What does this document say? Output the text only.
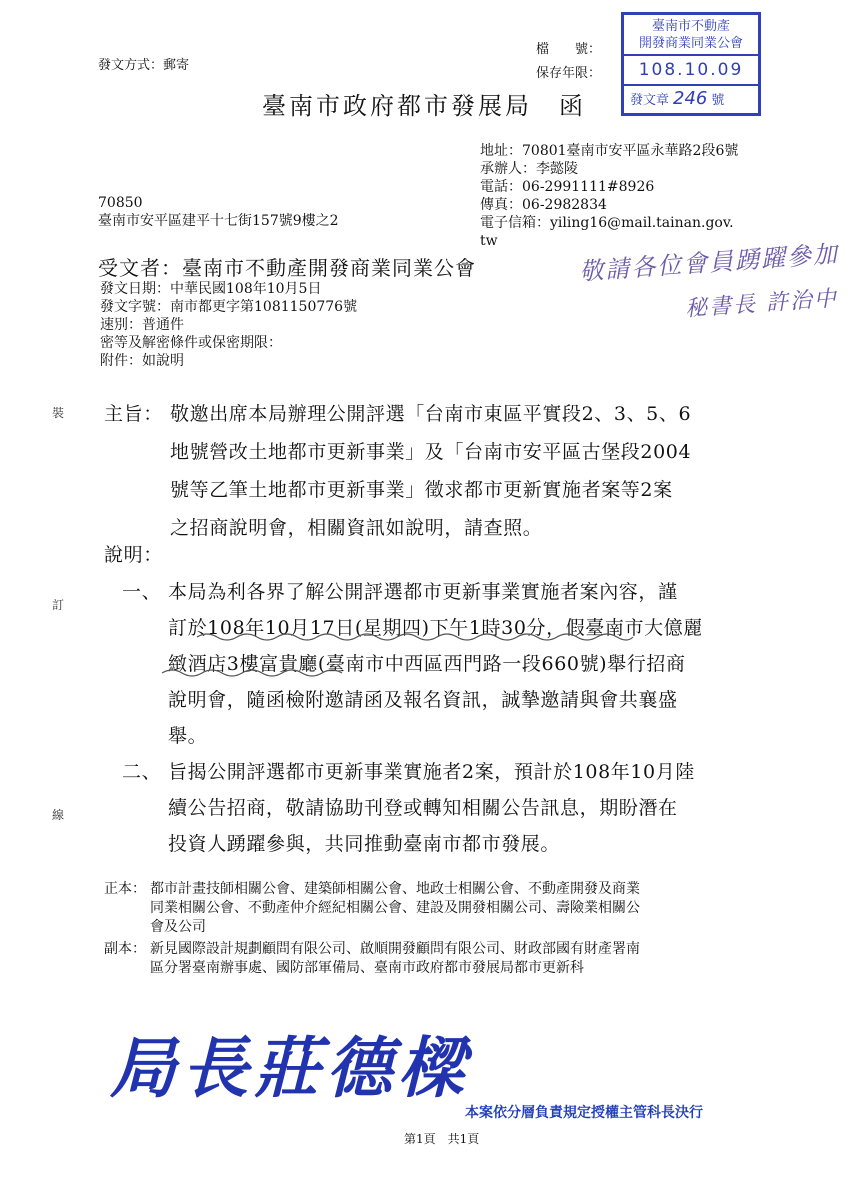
發文方式：郵寄
檔　　號：
保存年限：
臺南市政府都市發展局　函
臺南市不動產
開發商業同業公會
108.10.09
發文章 246 號
地址：70801臺南市安平區永華路2段6號
承辦人：李懿陵
電話：06-2991111#8926
傳真：06-2982834
電子信箱：yiling16@mail.tainan.gov.
tw
70850
臺南市安平區建平十七街157號9樓之2
受文者：臺南市不動產開發商業同業公會	敬請各位會員踴躍參加
秘書長 許治中
發文日期：中華民國108年10月5日
發文字號：南市都更字第1081150776號
速別：普通件
密等及解密條件或保密期限：
附件：如說明
裝
訂
線
主旨： 敬邀出席本局辦理公開評選「台南市東區平實段2、3、5、6
地號營改土地都市更新事業」及「台南市安平區古堡段2004
號等乙筆土地都市更新事業」徵求都市更新實施者案等2案
之招商說明會，相關資訊如說明，請查照。
說明：
一、 本局為利各界了解公開評選都市更新事業實施者案內容，謹
訂於108年10月17日(星期四)下午1時30分，假臺南市大億麗
緻酒店3樓富貴廳(臺南市中西區西門路一段660號)舉行招商
說明會，隨函檢附邀請函及報名資訊，誠摯邀請與會共襄盛
舉。
二、 旨揭公開評選都市更新事業實施者2案，預計於108年10月陸
續公告招商，敬請協助刊登或轉知相關公告訊息，期盼潛在
投資人踴躍參與，共同推動臺南市都市發展。
正本： 都市計畫技師相關公會、建築師相關公會、地政士相關公會、不動產開發及商業
同業相關公會、不動產仲介經紀相關公會、建設及開發相關公司、壽險業相關公
會及公司
副本： 新見國際設計規劃顧問有限公司、啟順開發顧問有限公司、財政部國有財產署南
區分署臺南辦事處、國防部軍備局、臺南市政府都市發展局都市更新科
局長莊德樑
本案依分層負責規定授權主管科長決行
第1頁　共1頁
